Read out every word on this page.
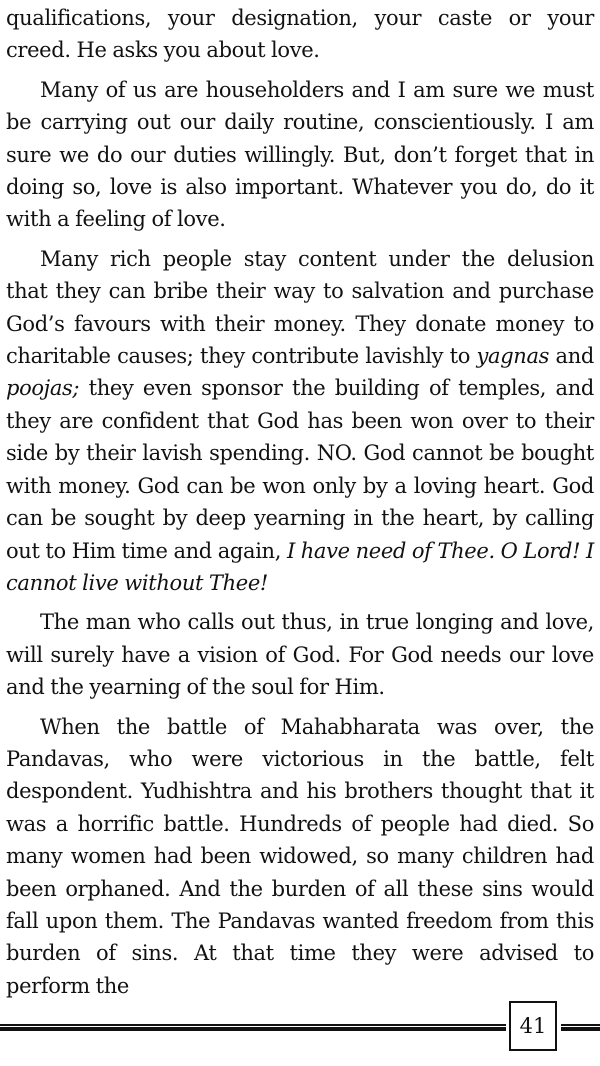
qualifications, your designation, your caste or your creed. He asks you about love.

Many of us are householders and I am sure we must be carrying out our daily routine, conscientiously. I am sure we do our duties willingly. But, don’t forget that in doing so, love is also important. Whatever you do, do it with a feeling of love.

Many rich people stay content under the delusion that they can bribe their way to salvation and purchase God’s favours with their money. They donate money to charitable causes; they contribute lavishly to yagnas and poojas; they even sponsor the building of temples, and they are confident that God has been won over to their side by their lavish spending. NO. God cannot be bought with money. God can be won only by a loving heart. God can be sought by deep yearning in the heart, by calling out to Him time and again, I have need of Thee. O Lord! I cannot live without Thee!

The man who calls out thus, in true longing and love, will surely have a vision of God. For God needs our love and the yearning of the soul for Him.

When the battle of Mahabharata was over, the Pandavas, who were victorious in the battle, felt despondent. Yudhishtra and his brothers thought that it was a horrific battle. Hundreds of people had died. So many women had been widowed, so many children had been orphaned. And the burden of all these sins would fall upon them. The Pandavas wanted freedom from this burden of sins. At that time they were advised to perform the

41
